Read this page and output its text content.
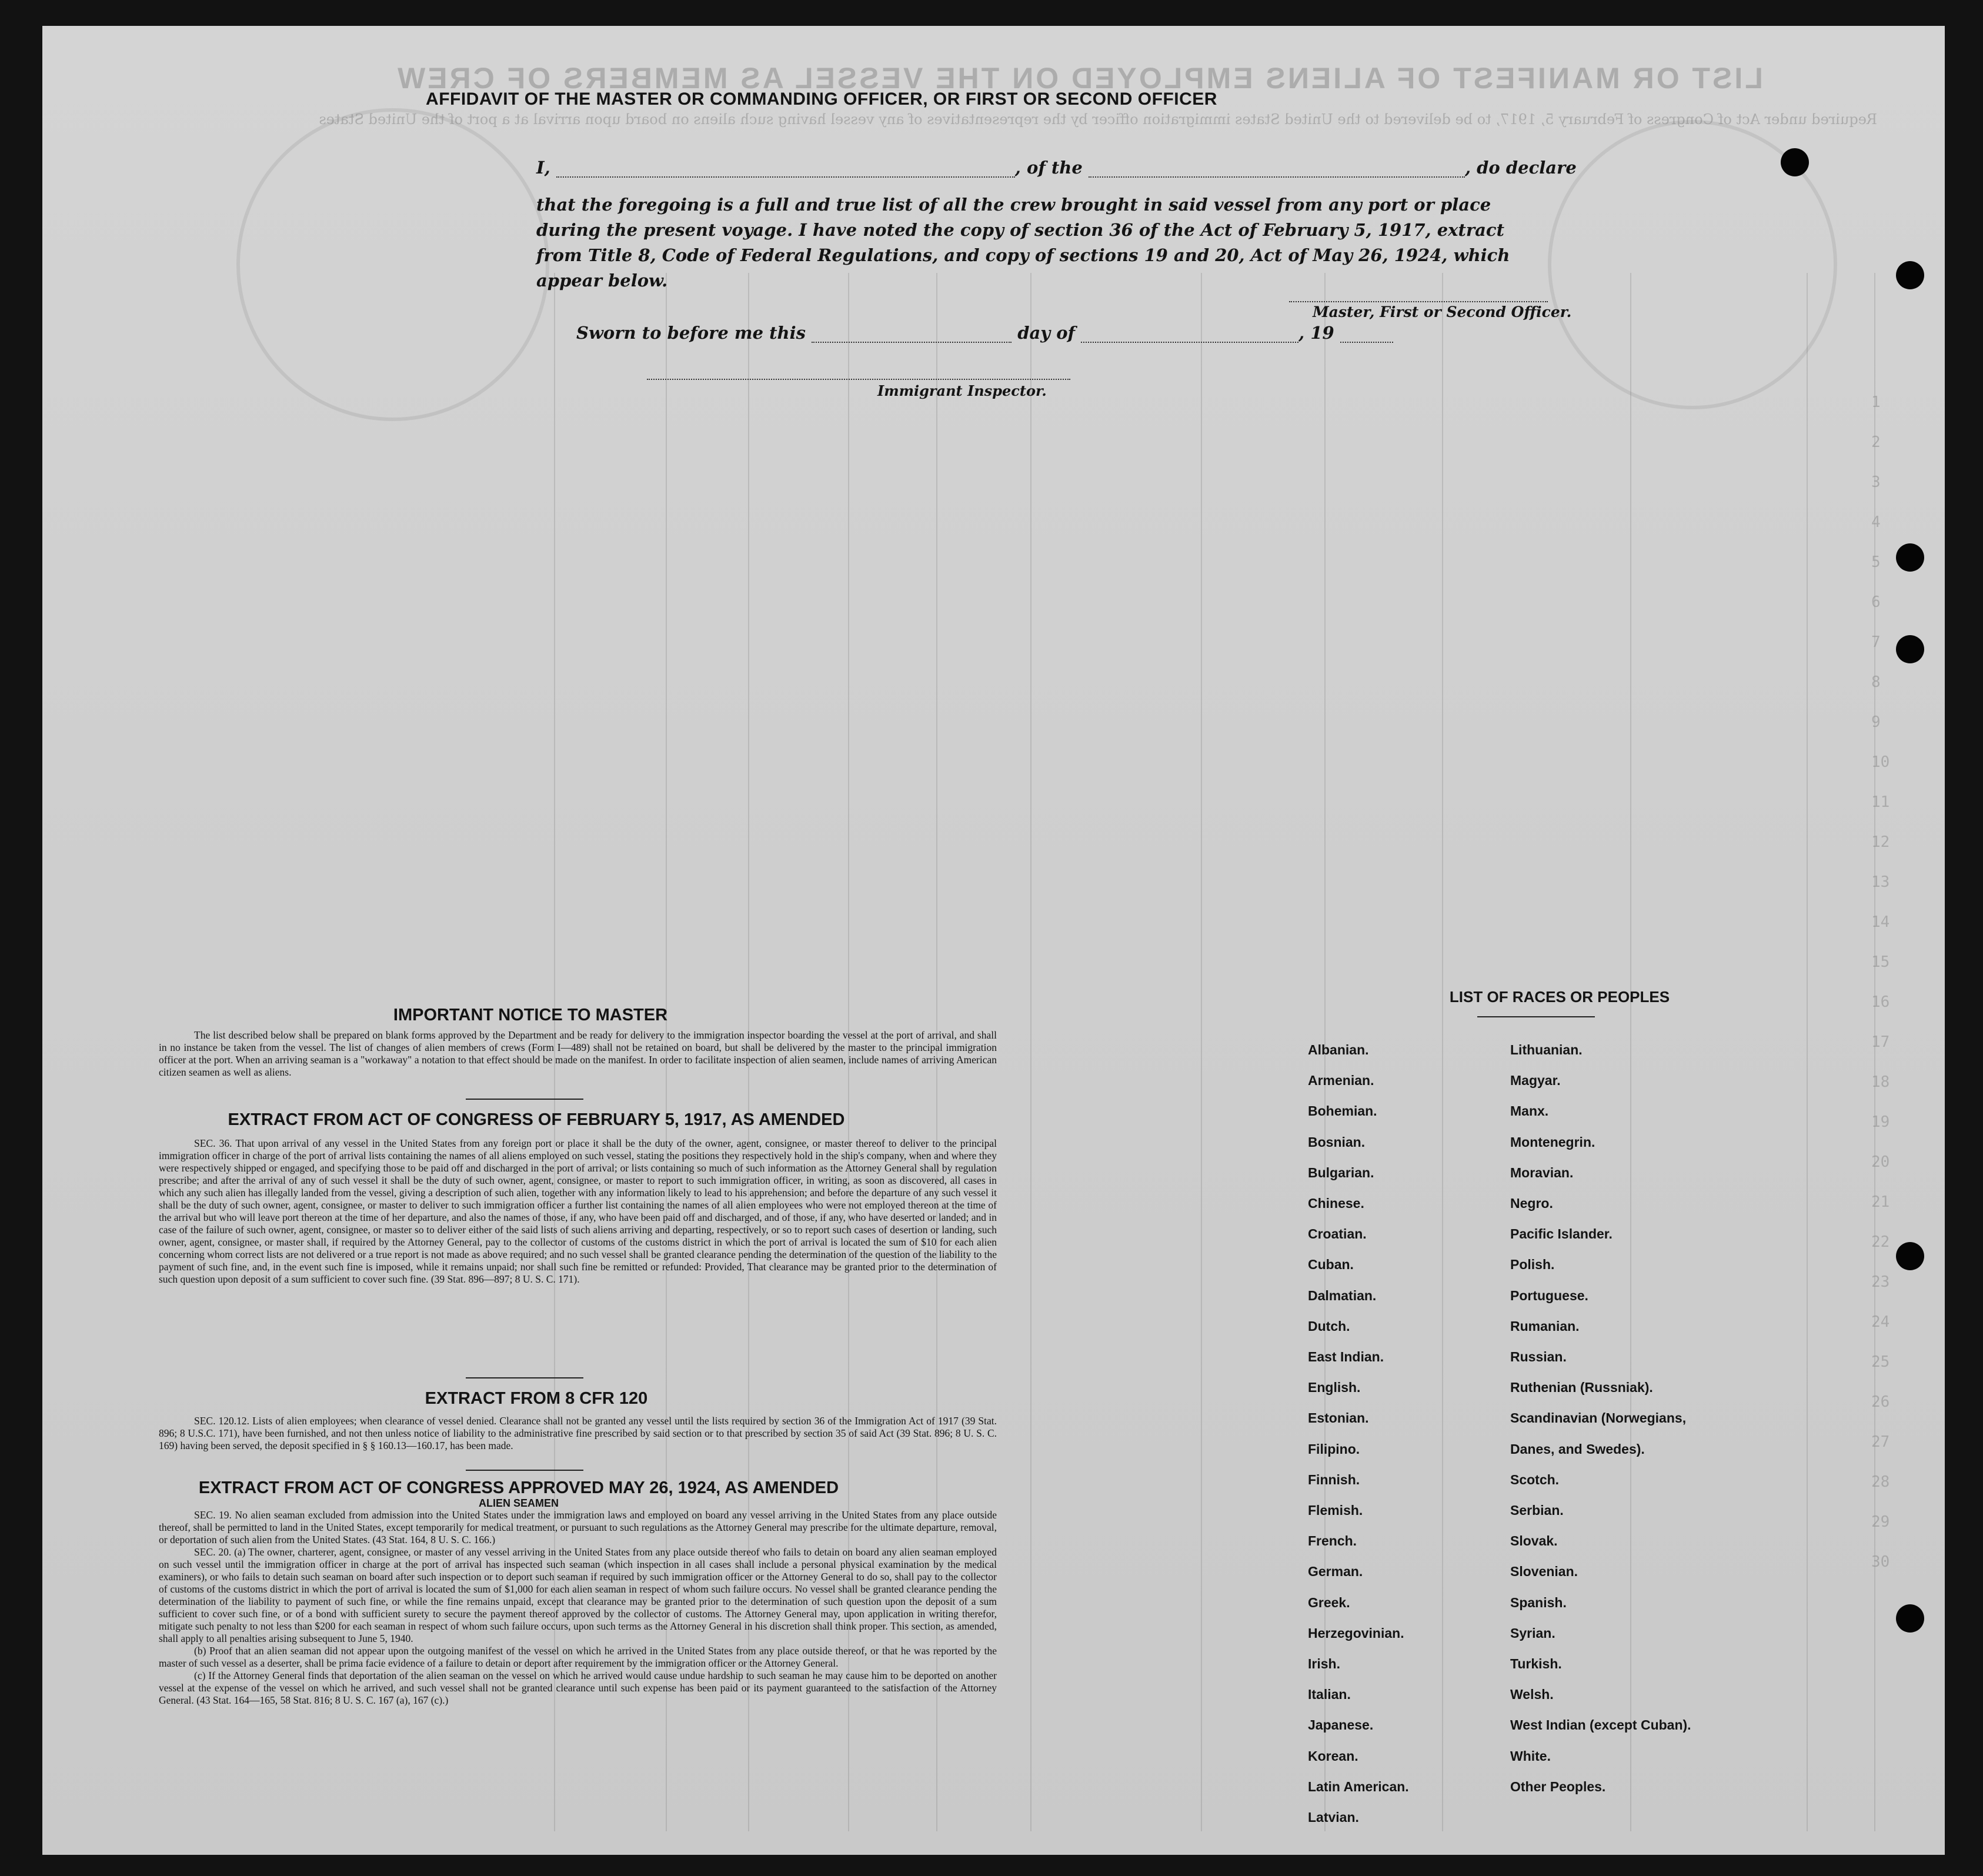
LIST OR MANIFEST OF ALIENS EMPLOYED ON THE VESSEL AS MEMBERS OF CREW
Required under Act of Congress of February 5, 1917, to be delivered to the United States immigration officer by the representatives of any vessel having such aliens on board upon arrival at a port of the United States
1
2
3
4
5
6
7
8
9
10
11
12
13
14
15
16
17
18
19
20
21
22
23
24
25
26
27
28
29
30
AFFIDAVIT OF THE MASTER OR COMMANDING OFFICER, OR FIRST OR SECOND OFFICER
I,	, of the	, do declare
that the foregoing is a full and true list of all the crew brought in said vessel from any port or place during the present voyage. I have noted the copy of section 36 of the Act of February 5, 1917, extract from Title 8, Code of Federal Regulations, and copy of sections 19 and 20, Act of May 26, 1924, which appear below.
Master, First or Second Officer.
Sworn to before me this	day of	, 19
Immigrant Inspector.
IMPORTANT NOTICE TO MASTER
The list described below shall be prepared on blank forms approved by the Department and be ready for delivery to the immigration inspector boarding the vessel at the port of arrival, and shall in no instance be taken from the vessel. The list of changes of alien members of crews (Form I—489) shall not be retained on board, but shall be delivered by the master to the principal immigration officer at the port. When an arriving seaman is a "workaway" a notation to that effect should be made on the manifest. In order to facilitate inspection of alien seamen, include names of arriving American citizen seamen as well as aliens.
EXTRACT FROM ACT OF CONGRESS OF FEBRUARY 5, 1917, AS AMENDED
SEC. 36. That upon arrival of any vessel in the United States from any foreign port or place it shall be the duty of the owner, agent, consignee, or master thereof to deliver to the principal immigration officer in charge of the port of arrival lists containing the names of all aliens employed on such vessel, stating the positions they respectively hold in the ship's company, when and where they were respectively shipped or engaged, and specifying those to be paid off and discharged in the port of arrival; or lists containing so much of such information as the Attorney General shall by regulation prescribe; and after the arrival of any of such vessel it shall be the duty of such owner, agent, consignee, or master to report to such immigration officer, in writing, as soon as discovered, all cases in which any such alien has illegally landed from the vessel, giving a description of such alien, together with any information likely to lead to his apprehension; and before the departure of any such vessel it shall be the duty of such owner, agent, consignee, or master to deliver to such immigration officer a further list containing the names of all alien employees who were not employed thereon at the time of the arrival but who will leave port thereon at the time of her departure, and also the names of those, if any, who have been paid off and discharged, and of those, if any, who have deserted or landed; and in case of the failure of such owner, agent, consignee, or master so to deliver either of the said lists of such aliens arriving and departing, respectively, or so to report such cases of desertion or landing, such owner, agent, consignee, or master shall, if required by the Attorney General, pay to the collector of customs of the customs district in which the port of arrival is located the sum of $10 for each alien concerning whom correct lists are not delivered or a true report is not made as above required; and no such vessel shall be granted clearance pending the determination of the question of the liability to the payment of such fine, and, in the event such fine is imposed, while it remains unpaid; nor shall such fine be remitted or refunded: Provided, That clearance may be granted prior to the determination of such question upon deposit of a sum sufficient to cover such fine. (39 Stat. 896—897; 8 U. S. C. 171).
EXTRACT FROM 8 CFR 120
SEC. 120.12. Lists of alien employees; when clearance of vessel denied. Clearance shall not be granted any vessel until the lists required by section 36 of the Immigration Act of 1917 (39 Stat. 896; 8 U.S.C. 171), have been furnished, and not then unless notice of liability to the administrative fine prescribed by said section or to that prescribed by section 35 of said Act (39 Stat. 896; 8 U. S. C. 169) having been served, the deposit specified in § § 160.13—160.17, has been made.
EXTRACT FROM ACT OF CONGRESS APPROVED MAY 26, 1924, AS AMENDED
ALIEN SEAMEN

SEC. 19. No alien seaman excluded from admission into the United States under the immigration laws and employed on board any vessel arriving in the United States from any place outside thereof, shall be permitted to land in the United States, except temporarily for medical treatment, or pursuant to such regulations as the Attorney General may prescribe for the ultimate departure, removal, or deportation of such alien from the United States. (43 Stat. 164, 8 U. S. C. 166.)

SEC. 20. (a) The owner, charterer, agent, consignee, or master of any vessel arriving in the United States from any place outside thereof who fails to detain on board any alien seaman employed on such vessel until the immigration officer in charge at the port of arrival has inspected such seaman (which inspection in all cases shall include a personal physical examination by the medical examiners), or who fails to detain such seaman on board after such inspection or to deport such seaman if required by such immigration officer or the Attorney General to do so, shall pay to the collector of customs of the customs district in which the port of arrival is located the sum of $1,000 for each alien seaman in respect of whom such failure occurs. No vessel shall be granted clearance pending the determination of the liability to payment of such fine, or while the fine remains unpaid, except that clearance may be granted prior to the determination of such question upon the deposit of a sum sufficient to cover such fine, or of a bond with sufficient surety to secure the payment thereof approved by the collector of customs. The Attorney General may, upon application in writing therefor, mitigate such penalty to not less than $200 for each seaman in respect of whom such failure occurs, upon such terms as the Attorney General in his discretion shall think proper. This section, as amended, shall apply to all penalties arising subsequent to June 5, 1940.

(b) Proof that an alien seaman did not appear upon the outgoing manifest of the vessel on which he arrived in the United States from any place outside thereof, or that he was reported by the master of such vessel as a deserter, shall be prima facie evidence of a failure to detain or deport after requirement by the immigration officer or the Attorney General.

(c) If the Attorney General finds that deportation of the alien seaman on the vessel on which he arrived would cause undue hardship to such seaman he may cause him to be deported on another vessel at the expense of the vessel on which he arrived, and such vessel shall not be granted clearance until such expense has been paid or its payment guaranteed to the satisfaction of the Attorney General. (43 Stat. 164—165, 58 Stat. 816; 8 U. S. C. 167 (a), 167 (c).)

LIST OF RACES OR PEOPLES
Albanian.
Armenian.
Bohemian.
Bosnian.
Bulgarian.
Chinese.
Croatian.
Cuban.
Dalmatian.
Dutch.
East Indian.
English.
Estonian.
Filipino.
Finnish.
Flemish.
French.
German.
Greek.
Herzegovinian.
Irish.
Italian.
Japanese.
Korean.
Latin American.
Latvian.
Lithuanian.
Magyar.
Manx.
Montenegrin.
Moravian.
Negro.
Pacific Islander.
Polish.
Portuguese.
Rumanian.
Russian.
Ruthenian (Russniak).
Scandinavian (Norwegians,
Danes, and Swedes).
Scotch.
Serbian.
Slovak.
Slovenian.
Spanish.
Syrian.
Turkish.
Welsh.
West Indian (except Cuban).
White.
Other Peoples.
